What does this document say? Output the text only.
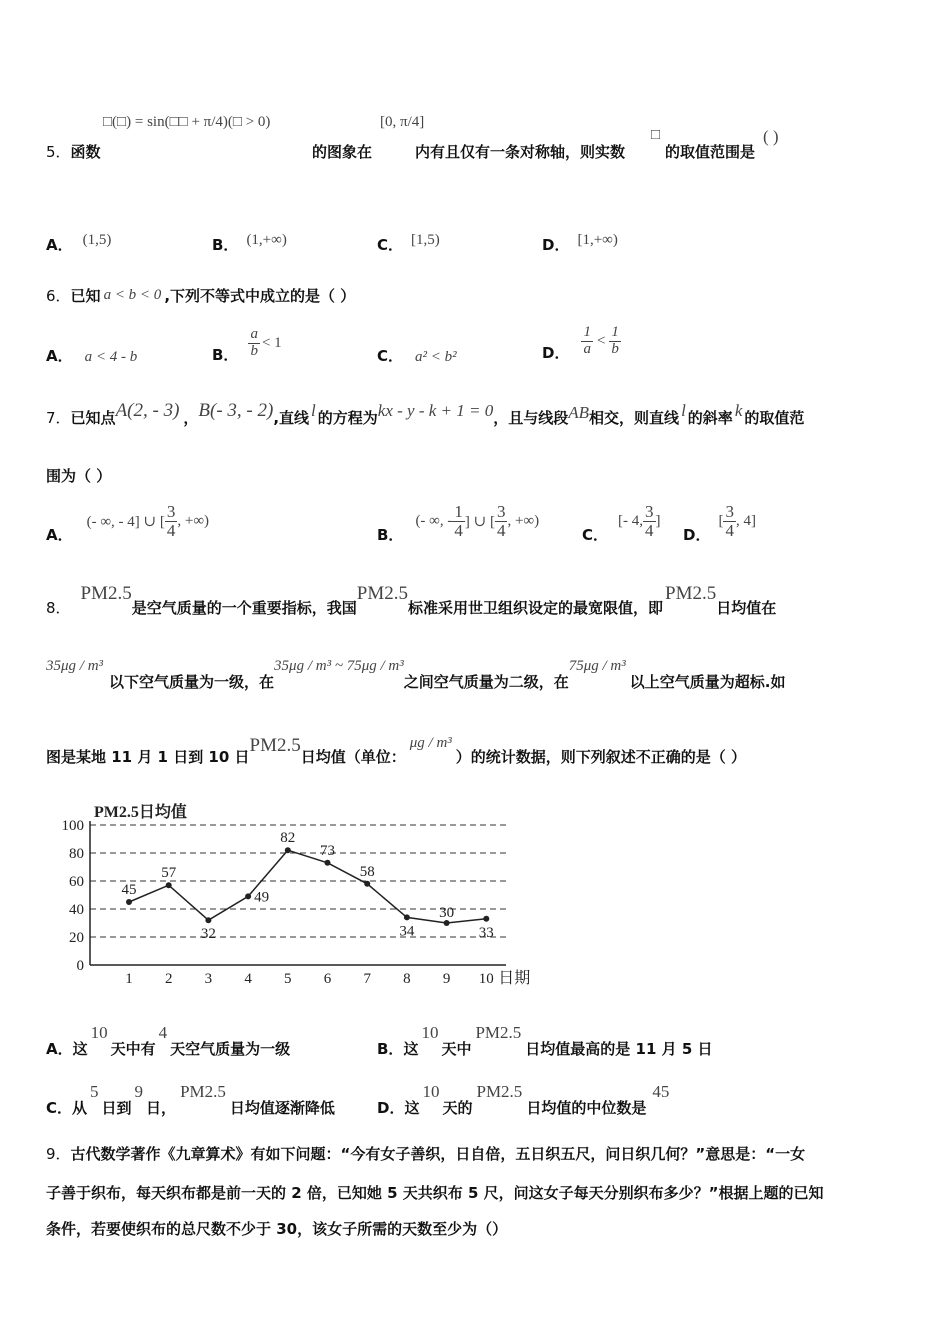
□(□) = sin(□□ + π/4)(□ > 0)	[0, π/4]
5．函数	的图象在	内有且仅有一条对称轴，则实数
□
的取值范围是
( )
A． (1,5)	B． (1,+∞)	C． [1,5)	D． [1,+∞)
6．已知 a < b < 0 ,下列不等式中成立的是（ ）
A． a < 4 - b	B． $\frac{a}{b} < 1$
C． a² < b²	D． $\frac{1}{a} < \frac{1}{b}$
7． 已知点 A(2, - 3) ， B(- 3, - 2) ,直线 l 的方程为 kx - y - k + 1 = 0 ，且与线段 AB 相交，则直线 l 的斜率 k 的取值范
围为（ ）
A．
(- ∞, - 4] ∪ [ $\frac{3}{4}$ , +∞)
B．
(- ∞, - $\frac{1}{4}$ ] ∪ [ $\frac{3}{4}$ , +∞)
C．
[- 4, $\frac{3}{4}$ ]
D．
[ $\frac{3}{4}$ , 4]
8．
PM2.5
是空气质量的一个重要指标，我国
PM2.5
标准采用世卫组织设定的最宽限值，即
PM2.5
日均值在
35μg / m³
以下空气质量为一级，在
35μg / m³ ~ 75μg / m³
之间空气质量为二级，在
75μg / m³
以上空气质量为超标.如
图是某地 11 月 1 日到 10 日
PM2.5
日均值（单位：
μg / m³
）的统计数据，则下列叙述不正确的是（ ）
PM2.5日均值
0
20
40
60
80
100
1 2 3 4 5 6 7 8 9 10
45
57
32
49
82
73
58
34
30
33
日期
A． 这
10
天中有
4
天空气质量为一级	B． 这
10
天中
PM2.5
日均值最高的是 11 月 5 日
C． 从
5
日到
9
日，
PM2.5
日均值逐渐降低	D． 这
10
天的
PM2.5
日均值的中位数是
45
9．古代数学著作《九章算术》有如下问题：“今有女子善织，日自倍，五日织五尺，问日织几何？”意思是：“一女
子善于织布，每天织布都是前一天的 2 倍，已知她 5 天共织布 5 尺，问这女子每天分别织布多少？”根据上题的已知
条件，若要使织布的总尺数不少于 30，该女子所需的天数至少为（）
